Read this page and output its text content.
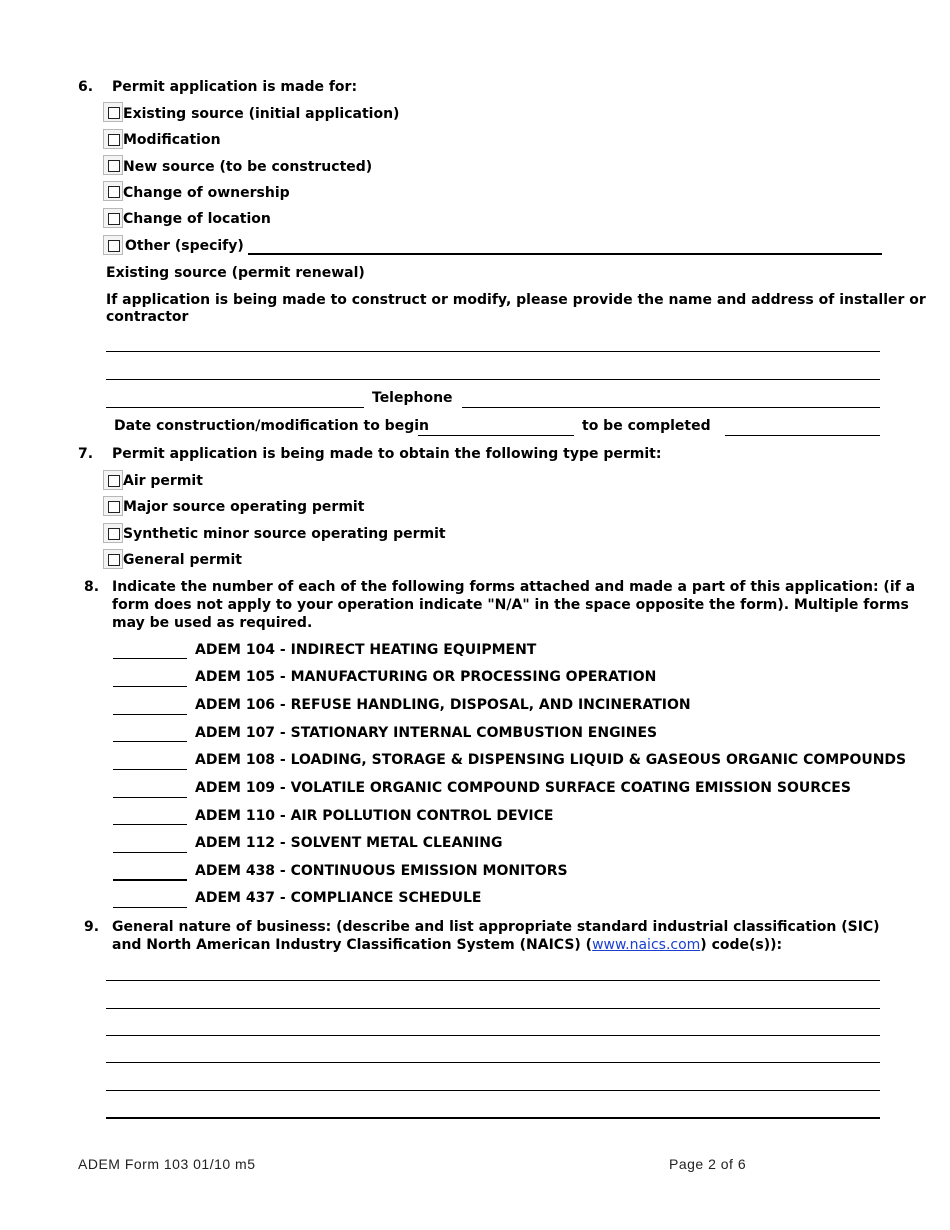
6. Permit application is made for:
Existing source (initial application)
Modification
New source (to be constructed)
Change of ownership
Change of location
Other (specify)
Existing source (permit renewal)
If application is being made to construct or modify, please provide the name and address of installer or
contractor
Telephone
Date construction/modification to begin	to be completed
7. Permit application is being made to obtain the following type permit:
Air permit
Major source operating permit
Synthetic minor source operating permit
General permit
8. Indicate the number of each of the following forms attached and made a part of this application: (if a
form does not apply to your operation indicate "N/A" in the space opposite the form). Multiple forms
may be used as required.
ADEM 104 - INDIRECT HEATING EQUIPMENT
ADEM 105 - MANUFACTURING OR PROCESSING OPERATION
ADEM 106 - REFUSE HANDLING, DISPOSAL, AND INCINERATION
ADEM 107 - STATIONARY INTERNAL COMBUSTION ENGINES
ADEM 108 - LOADING, STORAGE & DISPENSING LIQUID & GASEOUS ORGANIC COMPOUNDS
ADEM 109 - VOLATILE ORGANIC COMPOUND SURFACE COATING EMISSION SOURCES
ADEM 110 - AIR POLLUTION CONTROL DEVICE
ADEM 112 - SOLVENT METAL CLEANING
ADEM 438 - CONTINUOUS EMISSION MONITORS
ADEM 437 - COMPLIANCE SCHEDULE
9. General nature of business: (describe and list appropriate standard industrial classification (SIC)
and North American Industry Classification System (NAICS) (www.naics.com) code(s)):
ADEM Form 103 01/10 m5	Page 2 of 6
